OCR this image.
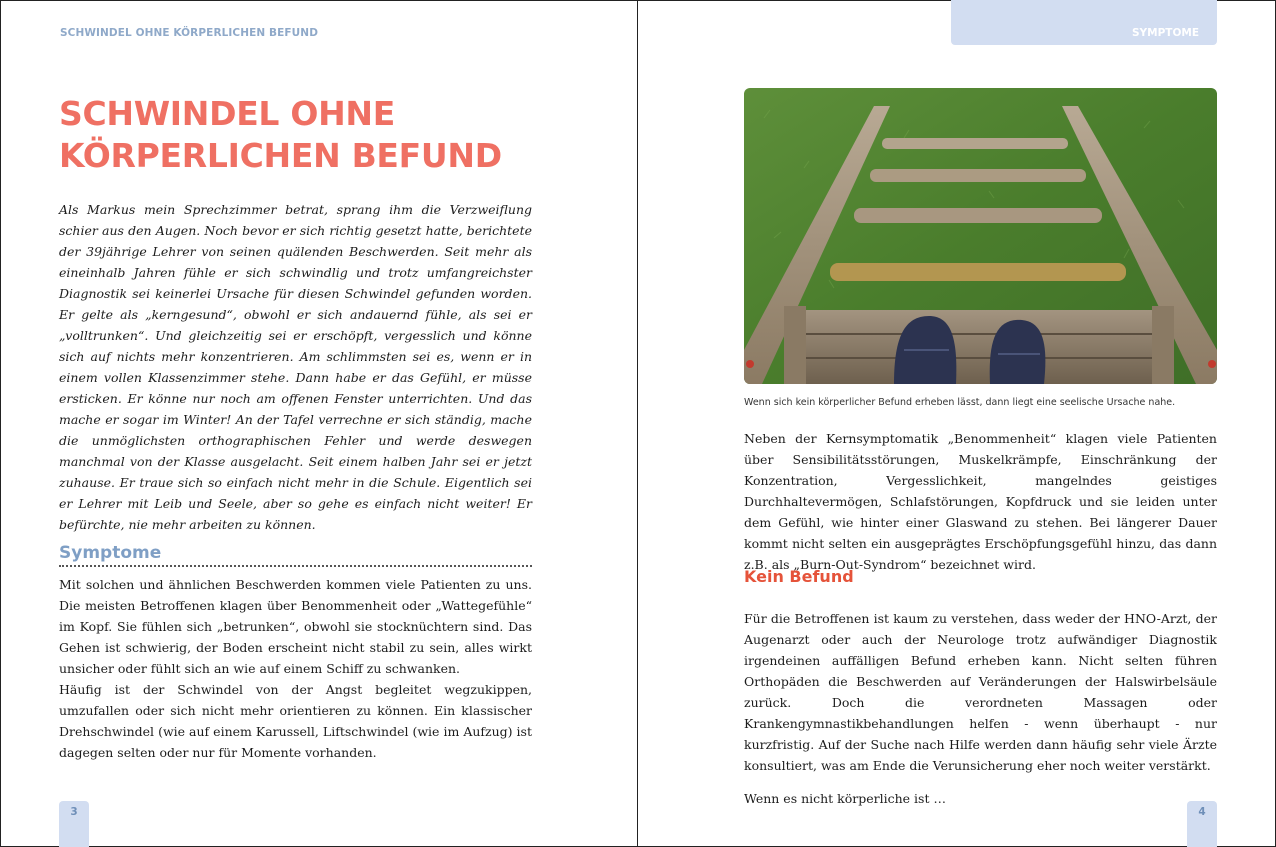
SCHWINDEL OHNE KÖRPERLICHEN BEFUND
SCHWINDEL OHNE
KÖRPERLICHEN BEFUND

Als Markus mein Sprechzimmer betrat, sprang ihm die Verzweiflung schier aus den Augen. Noch bevor er sich richtig gesetzt hatte, berichtete der 39jährige Lehrer von seinen quälenden Beschwerden. Seit mehr als eineinhalb Jahren fühle er sich schwindlig und trotz umfangreichster Diagnostik sei keinerlei Ursache für diesen Schwindel gefunden worden. Er gelte als „kerngesund“, obwohl er sich andauernd fühle, als sei er „volltrunken“. Und gleichzeitig sei er erschöpft, vergesslich und könne sich auf nichts mehr konzentrieren. Am schlimmsten sei es, wenn er in einem vollen Klassenzimmer stehe. Dann habe er das Gefühl, er müsse ersticken. Er könne nur noch am offenen Fenster unterrichten. Und das mache er sogar im Winter! An der Tafel verrechne er sich ständig, mache die unmöglichsten orthographischen Fehler und werde deswegen manchmal von der Klasse ausgelacht. Seit einem halben Jahr sei er jetzt zuhause. Er traue sich so einfach nicht mehr in die Schule. Eigentlich sei er Lehrer mit Leib und Seele, aber so gehe es einfach nicht weiter! Er befürchte, nie mehr arbeiten zu können.

Symptome

Mit solchen und ähnlichen Beschwerden kommen viele Patienten zu uns. Die meisten Betroffenen klagen über Benommenheit oder „Wattegefühle“ im Kopf. Sie fühlen sich „betrunken“, obwohl sie stocknüchtern sind. Das Gehen ist schwierig, der Boden erscheint nicht stabil zu sein, alles wirkt unsicher oder fühlt sich an wie auf einem Schiff zu schwanken.

Häufig ist der Schwindel von der Angst begleitet wegzukippen, umzufallen oder sich nicht mehr orientieren zu können. Ein klassischer Drehschwindel (wie auf einem Karussell, Liftschwindel (wie im Aufzug) ist dagegen selten oder nur für Momente vorhanden.

3
SYMPTOME
Wenn sich kein körperlicher Befund erheben lässt, dann liegt eine seelische Ursache nahe.

Neben der Kernsymptomatik „Benommenheit“ klagen viele Patienten über Sensibilitätsstörungen, Muskelkrämpfe, Einschränkung der Konzentration, Vergesslichkeit, mangelndes geistiges Durchhaltevermögen, Schlafstörungen, Kopfdruck und sie leiden unter dem Gefühl, wie hinter einer Glaswand zu stehen. Bei längerer Dauer kommt nicht selten ein ausgeprägtes Erschöpfungsgefühl hinzu, das dann z.B. als „Burn-Out-Syndrom“ bezeichnet wird.

Kein Befund

Für die Betroffenen ist kaum zu verstehen, dass weder der HNO-Arzt, der Augenarzt oder auch der Neurologe trotz aufwändiger Diagnostik irgendeinen auffälligen Befund erheben kann. Nicht selten führen Orthopäden die Beschwerden auf Veränderungen der Halswirbelsäule zurück. Doch die verordneten Massagen oder Krankengymnastikbehandlungen helfen - wenn überhaupt - nur kurzfristig. Auf der Suche nach Hilfe werden dann häufig sehr viele Ärzte konsultiert, was am Ende die Verunsicherung eher noch weiter verstärkt.

Wenn es nicht körperliche ist …

4
